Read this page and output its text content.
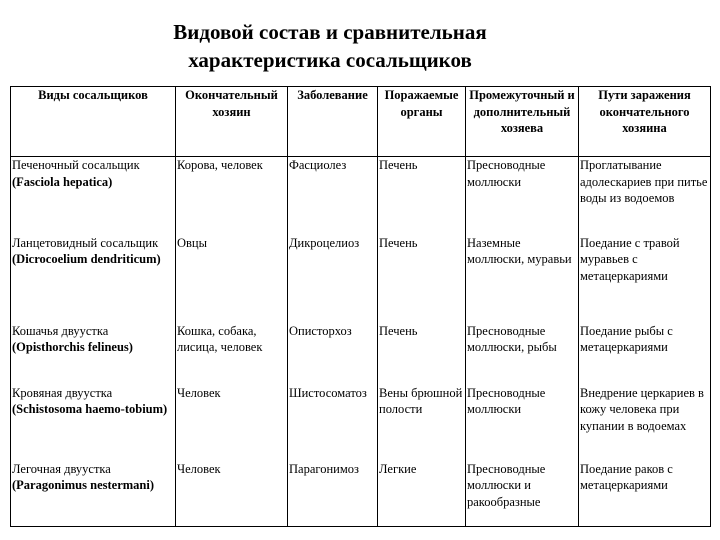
Видовой состав и сравнительная
характеристика сосальщиков
Виды сосальщиков	Окончательный хозяин	Заболевание	Поражаемые органы	Промежуточный и дополнительный хозяева	Пути заражения окончательного хозяина

Печеночный сосальщик
(Fasciola hepatica)	Корова, человек	Фасциолез	Печень	Пресноводные моллюски	Проглатывание адолескариев при питье воды из водоемов

Ланцетовидный сосальщик
(Dicrocoelium dendriticum)	Овцы	Дикроцелиоз	Печень	Наземные моллюски, муравьи	Поедание с травой муравьев с метацеркариями

Кошачья двуустка
(Opisthorchis felineus)	Кошка, собака, лисица, человек	Описторхоз	Печень	Пресноводные моллюски, рыбы	Поедание рыбы с метацеркариями

Кровяная двуустка
(Schistosoma haemo-tobium)	Человек	Шистосоматоз	Вены брюшной полости	Пресноводные моллюски	Внедрение церкариев в кожу человека при купании в водоемах

Легочная двуустка
(Paragonimus nestermani)	Человек	Парагонимоз	Легкие	Пресноводные моллюски и ракообразные	Поедание раков с метацеркариями
